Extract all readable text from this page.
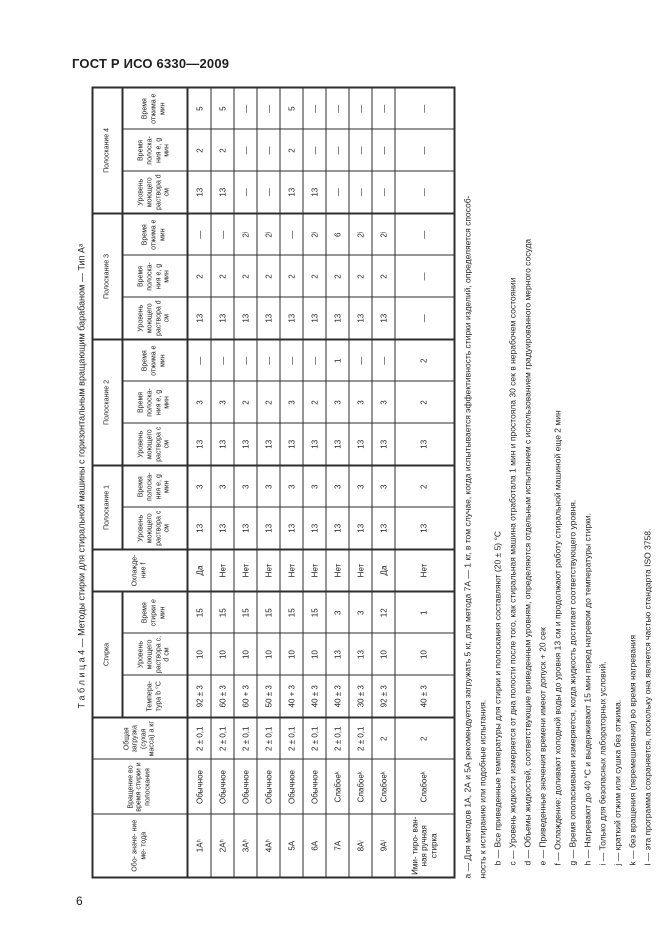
ГОСТ Р ИСО 6330—2009
6
Т а б л и ц а 4 — Методы стирки для стиральной машины с горизонтальным вращающим барабаном — Тип Аᵃ
Обо- значе- ние ме- тода	Вращение во время стирки и полоскания	Общая загрузка (сухая масса) а кг	Стирка			Охлажде- ние f	Полоскание 1		Полоскание 2			Полоскание 3			Полоскание 4		
			Темпера- тура b °С	Уровень моющего раствора c, d см	Время стирки е мин		Уровень моющего раствора с см	Время полоска- ния е, g мин	Уровень моющего раствора с см	Время полоска- ния е, g мин	Время отжима е мин	Уровень моющего раствора d см	Время полоска- ния е, g мин	Время отжима е мин	Уровень моющего раствора d см	Время полоска- ния е, g мин	Время отжима е мин
1Аʰ	Обычное	2 ± 0,1	92 ± 3	10	15	Да	13	3	13	3	—	13	2	—	13	2	5
2Аʰ	Обычное	2 ± 0,1	60 ± 3	10	15	Нет	13	3	13	3	—	13	2	—	13	2	5
3Аʰ	Обычное	2 ± 0,1	60 + 3	10	15	Нет	13	3	13	2	—	13	2	2ʲ	—	—	—
4Аʰ	Обычное	2 ± 0,1	50 ± 3	10	15	Нет	13	3	13	2	—	13	2	2ʲ	—	—	—
5А	Обычное	2 ± 0,1	40 + 3	10	15	Нет	13	3	13	3	—	13	2	—	13	2	5
6А	Обычное	2 ± 0,1	40 ± 3	10	15	Нет	13	3	13	2	—	13	2	2ʲ	13	—	—
7А	Слабоеᵏ	2 ± 0,1	40 ± 3	13	3	Нет	13	3	13	3	1	13	2	6	—	—	—
8Аⁱ	Слабоеᵏ	2 ± 0,1	30 ± 3	13	3	Нет	13	3	13	3	—	13	2	2ʲ	—	—	—
9Аˡ	Слабоеᵏ	2	92 ± 3	10	12	Да	13	3	13	3	—	13	2	2ʲ	—	—	—
Ими- тиро- ван- ная ручная стирка	Слабоеᵏ	2	40 ± 3	10	1	Нет	13	2	13	2	2	—	—	—	—	—	—
а — Для методов 1А, 2А и 5А рекомендуется загружать 5 кг, для метода 7А — 1 кг, в том случае, когда испытывается эффективность стирки изделий, определяется способ- ность к истиранию или подобные испытания. b — Все приведенные температуры для стирки и полоскания составляют (20 ± 5) °С с — Уровень жидкости измеряется от дна полости после того, как стиральная машина отработала 1 мин и простояла 30 сек в нерабочем состоянии d — Объемы жидкостей, соответствующие приведенным уровням, определяются отдельным испытанием с использованием градуированного мерного сосуда е — Приведенные значения времени имеют допуск + 20 сек f — Охлаждение: доливают холодной воды до уровня 13 см и продолжают работу стиральной машиной еще 2 мин g — Время ополаскивания измеряется, когда жидкость достигает соответствующего уровня. h — Нагревают до 40 °С и выдерживают 15 мин перед нагревом до температуры стирки. i — Только для безопасных лабораторных условий. j — краткий отжим или сушка без отжима. k — без вращения (перемешивания) во время нагревания l — эта программа сохраняется, поскольку она является частью стандарта ISO 3758.
